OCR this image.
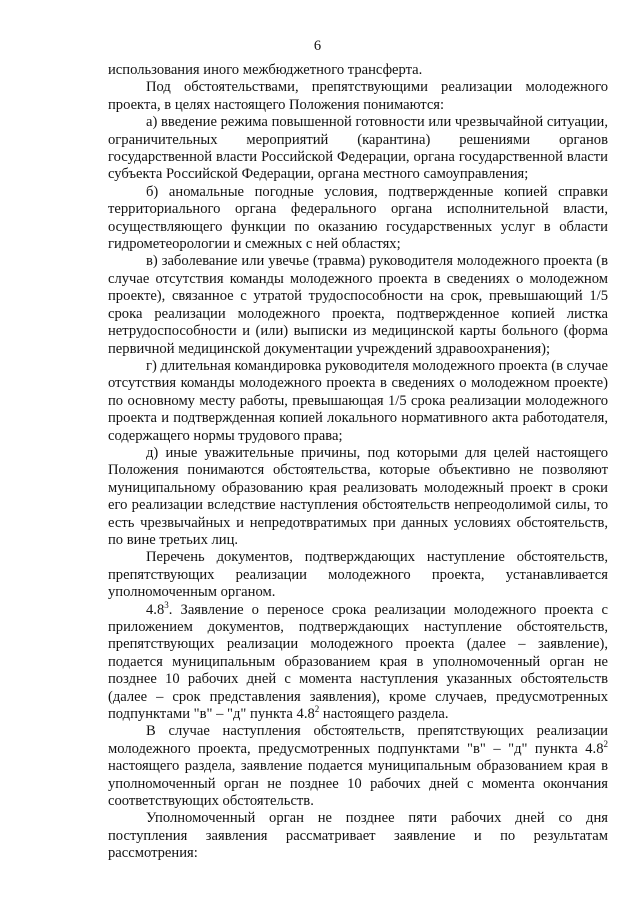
6

использования иного межбюджетного трансферта.

Под обстоятельствами, препятствующими реализации молодежного проекта, в целях настоящего Положения понимаются:

а) введение режима повышенной готовности или чрезвычайной ситуации, ограничительных мероприятий (карантина) решениями органов государственной власти Российской Федерации, органа государственной власти субъекта Российской Федерации, органа местного самоуправления;

б) аномальные погодные условия, подтвержденные копией справки территориального органа федерального органа исполнительной власти, осуществляющего функции по оказанию государственных услуг в области гидрометеорологии и смежных с ней областях;

в) заболевание или увечье (травма) руководителя молодежного проекта (в случае отсутствия команды молодежного проекта в сведениях о молодежном проекте), связанное с утратой трудоспособности на срок, превышающий 1/5 срока реализации молодежного проекта, подтвержденное копией листка нетрудоспособности и (или) выписки из медицинской карты больного (форма первичной медицинской документации учреждений здравоохранения);

г) длительная командировка руководителя молодежного проекта (в случае отсутствия команды молодежного проекта в сведениях о молодежном проекте) по основному месту работы, превышающая 1/5 срока реализации молодежного проекта и подтвержденная копией локального нормативного акта работодателя, содержащего нормы трудового права;

д) иные уважительные причины, под которыми для целей настоящего Положения понимаются обстоятельства, которые объективно не позволяют муниципальному образованию края реализовать молодежный проект в сроки его реализации вследствие наступления обстоятельств непреодолимой силы, то есть чрезвычайных и непредотвратимых при данных условиях обстоятельств, по вине третьих лиц.

Перечень документов, подтверждающих наступление обстоятельств, препятствующих реализации молодежного проекта, устанавливается уполномоченным органом.

$4.8^3$. Заявление о переносе срока реализации молодежного проекта с приложением документов, подтверждающих наступление обстоятельств, препятствующих реализации молодежного проекта (далее – заявление), подается муниципальным образованием края в уполномоченный орган не позднее 10 рабочих дней с момента наступления указанных обстоятельств (далее – срок представления заявления), кроме случаев, предусмотренных подпунктами "в" – "д" пункта $4.8^2$ настоящего раздела.

В случае наступления обстоятельств, препятствующих реализации молодежного проекта, предусмотренных подпунктами "в" – "д" пункта $4.8^2$ настоящего раздела, заявление подается муниципальным образованием края в уполномоченный орган не позднее 10 рабочих дней с момента окончания соответствующих обстоятельств.

Уполномоченный орган не позднее пяти рабочих дней со дня поступления заявления рассматривает заявление и по результатам рассмотрения:
